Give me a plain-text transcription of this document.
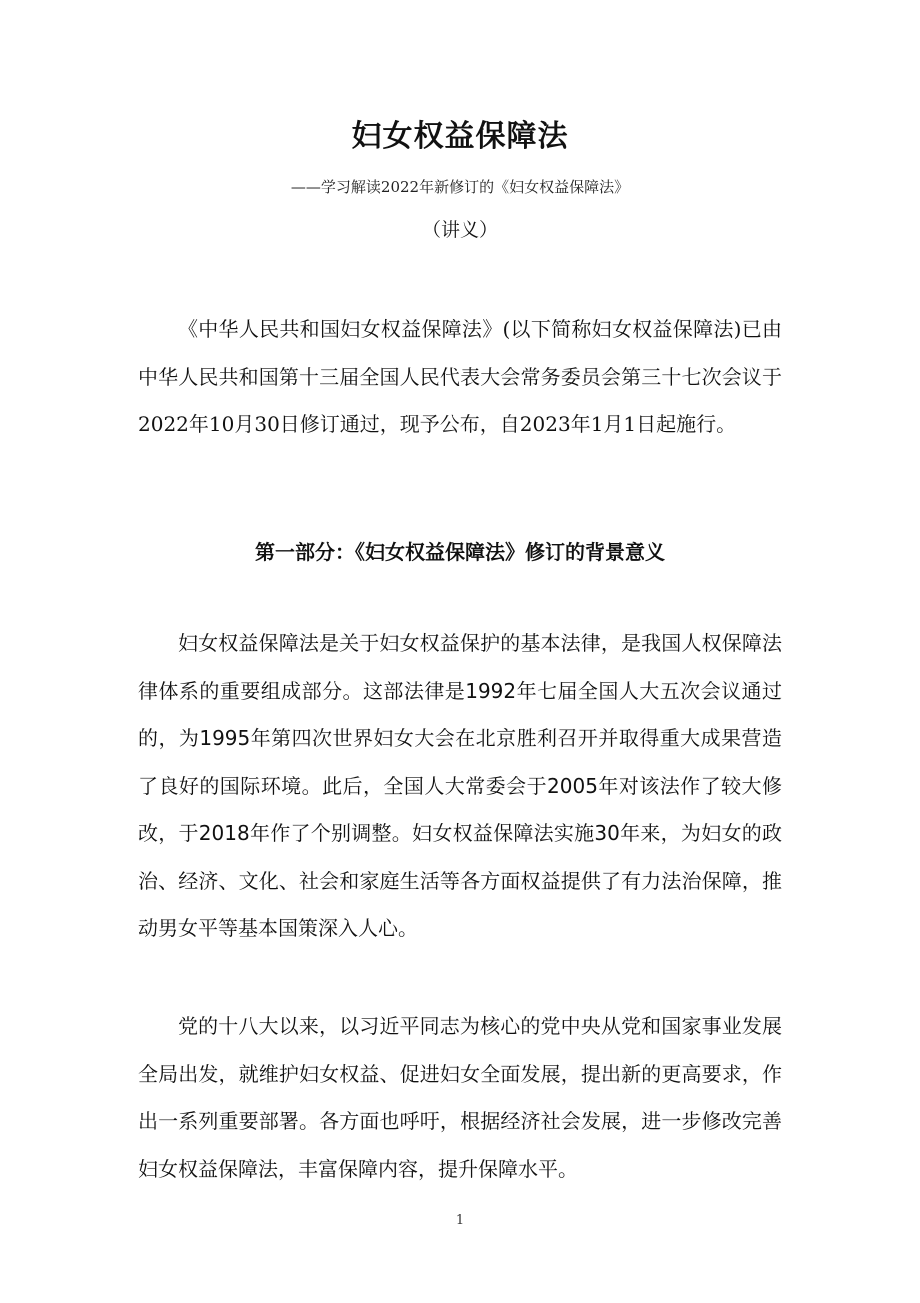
妇女权益保障法

——学习解读2022年新修订的《妇女权益保障法》

（讲义）

《中华人民共和国妇女权益保障法》(以下简称妇女权益保障法)已由中华人民共和国第十三届全国人民代表大会常务委员会第三十七次会议于2022年10月30日修订通过，现予公布，自2023年1月1日起施行。

第一部分：《妇女权益保障法》修订的背景意义

妇女权益保障法是关于妇女权益保护的基本法律，是我国人权保障法律体系的重要组成部分。这部法律是1992年七届全国人大五次会议通过的，为1995年第四次世界妇女大会在北京胜利召开并取得重大成果营造了良好的国际环境。此后，全国人大常委会于2005年对该法作了较大修改，于2018年作了个别调整。妇女权益保障法实施30年来，为妇女的政治、经济、文化、社会和家庭生活等各方面权益提供了有力法治保障，推动男女平等基本国策深入人心。

党的十八大以来，以习近平同志为核心的党中央从党和国家事业发展全局出发，就维护妇女权益、促进妇女全面发展，提出新的更高要求，作出一系列重要部署。各方面也呼吁，根据经济社会发展，进一步修改完善妇女权益保障法，丰富保障内容，提升保障水平。

1
